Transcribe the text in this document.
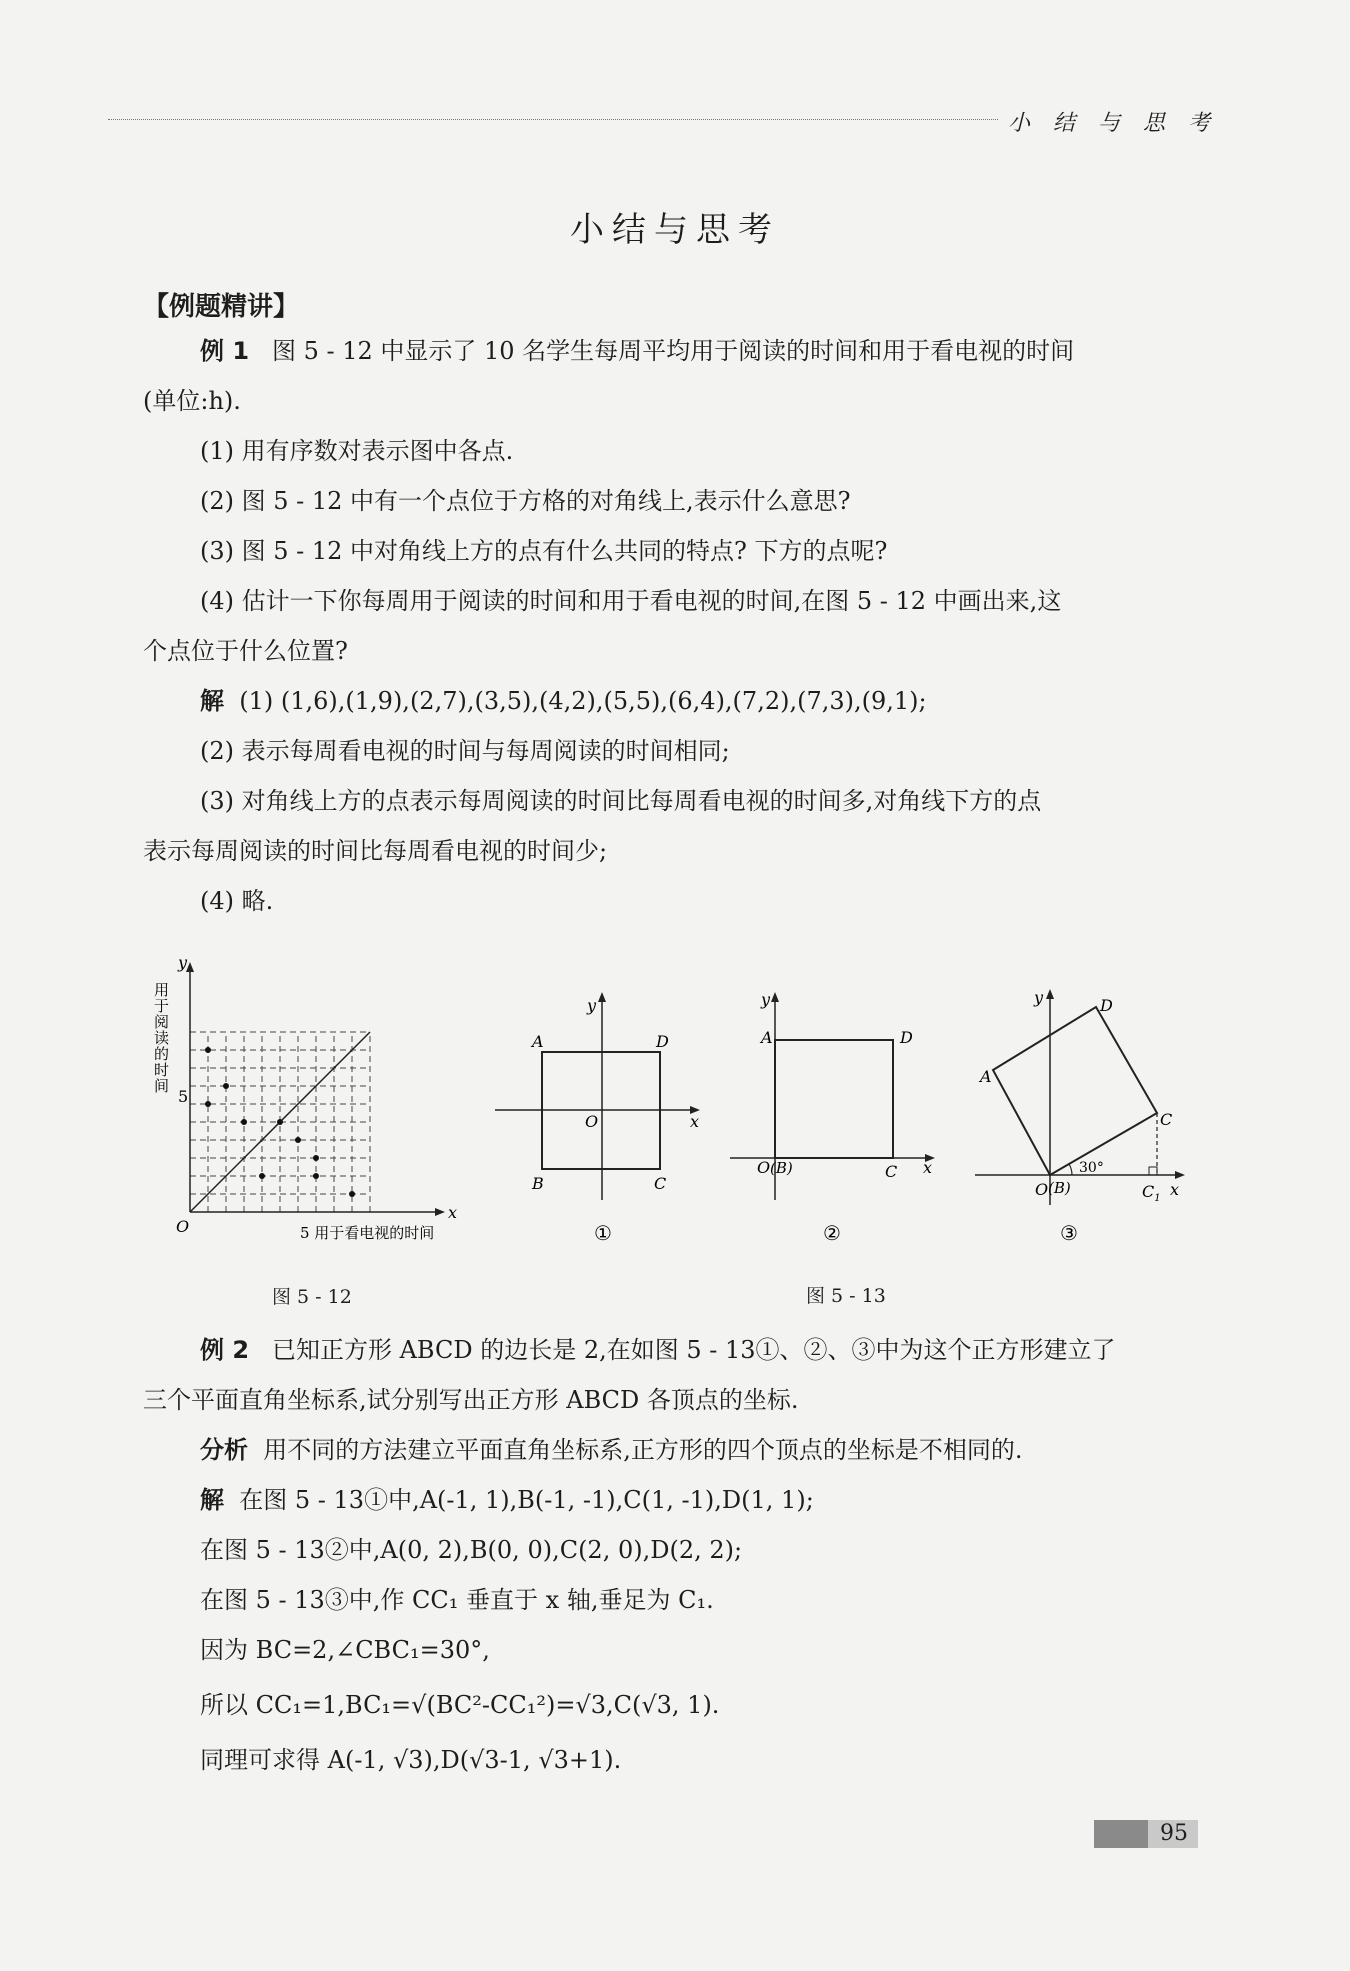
小 结 与 思 考
小结与思考
【例题精讲】
例 1 图 5 - 12 中显示了 10 名学生每周平均用于阅读的时间和用于看电视的时间
(单位:h).
(1) 用有序数对表示图中各点.
(2) 图 5 - 12 中有一个点位于方格的对角线上,表示什么意思?
(3) 图 5 - 12 中对角线上方的点有什么共同的特点? 下方的点呢?
(4) 估计一下你每周用于阅读的时间和用于看电视的时间,在图 5 - 12 中画出来,这
个点位于什么位置?
解 (1) (1,6),(1,9),(2,7),(3,5),(4,2),(5,5),(6,4),(7,2),(7,3),(9,1);
(2) 表示每周看电视的时间与每周阅读的时间相同;
(3) 对角线上方的点表示每周阅读的时间比每周看电视的时间多,对角线下方的点
表示每周阅读的时间比每周看电视的时间少;
(4) 略.
y
x
O
5
5 用于看电视的时间
用于阅读的时间
图 5 - 12
y
x
O
A	D
B	C
①
y
x
O (B)
A	D
C
②
图 5 - 13
y
x
O (B)
A
D
C
$C_1$
30°
③
例 2 已知正方形 ABCD 的边长是 2,在如图 5 - 13①、②、③中为这个正方形建立了
三个平面直角坐标系,试分别写出正方形 ABCD 各顶点的坐标.
分析 用不同的方法建立平面直角坐标系,正方形的四个顶点的坐标是不相同的.
解 在图 5 - 13①中,A(-1, 1),B(-1, -1),C(1, -1),D(1, 1);
在图 5 - 13②中,A(0, 2),B(0, 0),C(2, 0),D(2, 2);
在图 5 - 13③中,作 CC₁ 垂直于 x 轴,垂足为 C₁.
因为 BC=2,∠CBC₁=30°,
所以 CC₁=1,BC₁=√(BC²-CC₁²)=√3,C(√3, 1).
同理可求得 A(-1, √3),D(√3-1, √3+1).
95
